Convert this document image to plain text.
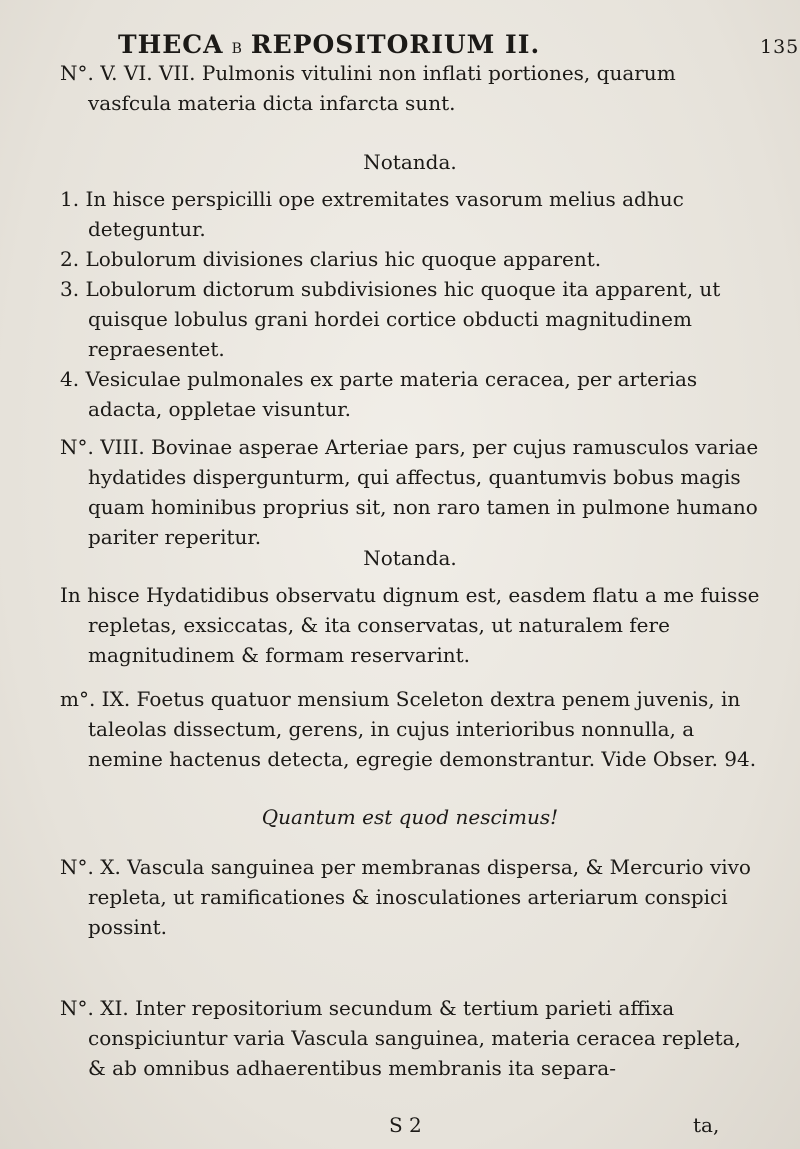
THECA B REPOSITORIUM II.	135

N°. V. VI. VII. Pulmonis vitulini non inflati portiones, quarum vasfcula materia dicta infarcta sunt.

Notanda.

1. In hisce perspicilli ope extremitates vasorum melius adhuc deteguntur.

2. Lobulorum divisiones clarius hic quoque apparent.

3. Lobulorum dictorum subdivisiones hic quoque ita apparent, ut quisque lobulus grani hordei cortice obducti magnitudinem repraesentet.

4. Vesiculae pulmonales ex parte materia ceracea, per arterias adacta, oppletae visuntur.

N°. VIII. Bovinae asperae Arteriae pars, per cujus ramusculos variae hydatides dispergunturm, qui affectus, quantumvis bobus magis quam hominibus proprius sit, non raro tamen in pulmone humano pariter reperitur.

Notanda.

In hisce Hydatidibus observatu dignum est, easdem flatu a me fuisse repletas, exsiccatas, & ita conservatas, ut naturalem fere magnitudinem & formam reservarint.

m°. IX. Foetus quatuor mensium Sceleton dextra penem juvenis, in taleolas dissectum, gerens, in cujus interioribus nonnulla, a nemine hactenus detecta, egregie demonstrantur. Vide Obser. 94.

Quantum est quod nescimus!

N°. X. Vascula sanguinea per membranas dispersa, & Mercurio vivo repleta, ut ramificationes & inosculationes arteriarum conspici possint.

N°. XI. Inter repositorium secundum & tertium parieti affixa conspiciuntur varia Vascula sanguinea, materia ceracea repleta, & ab omnibus adhaerentibus membranis ita separa-

S 2	ta,
